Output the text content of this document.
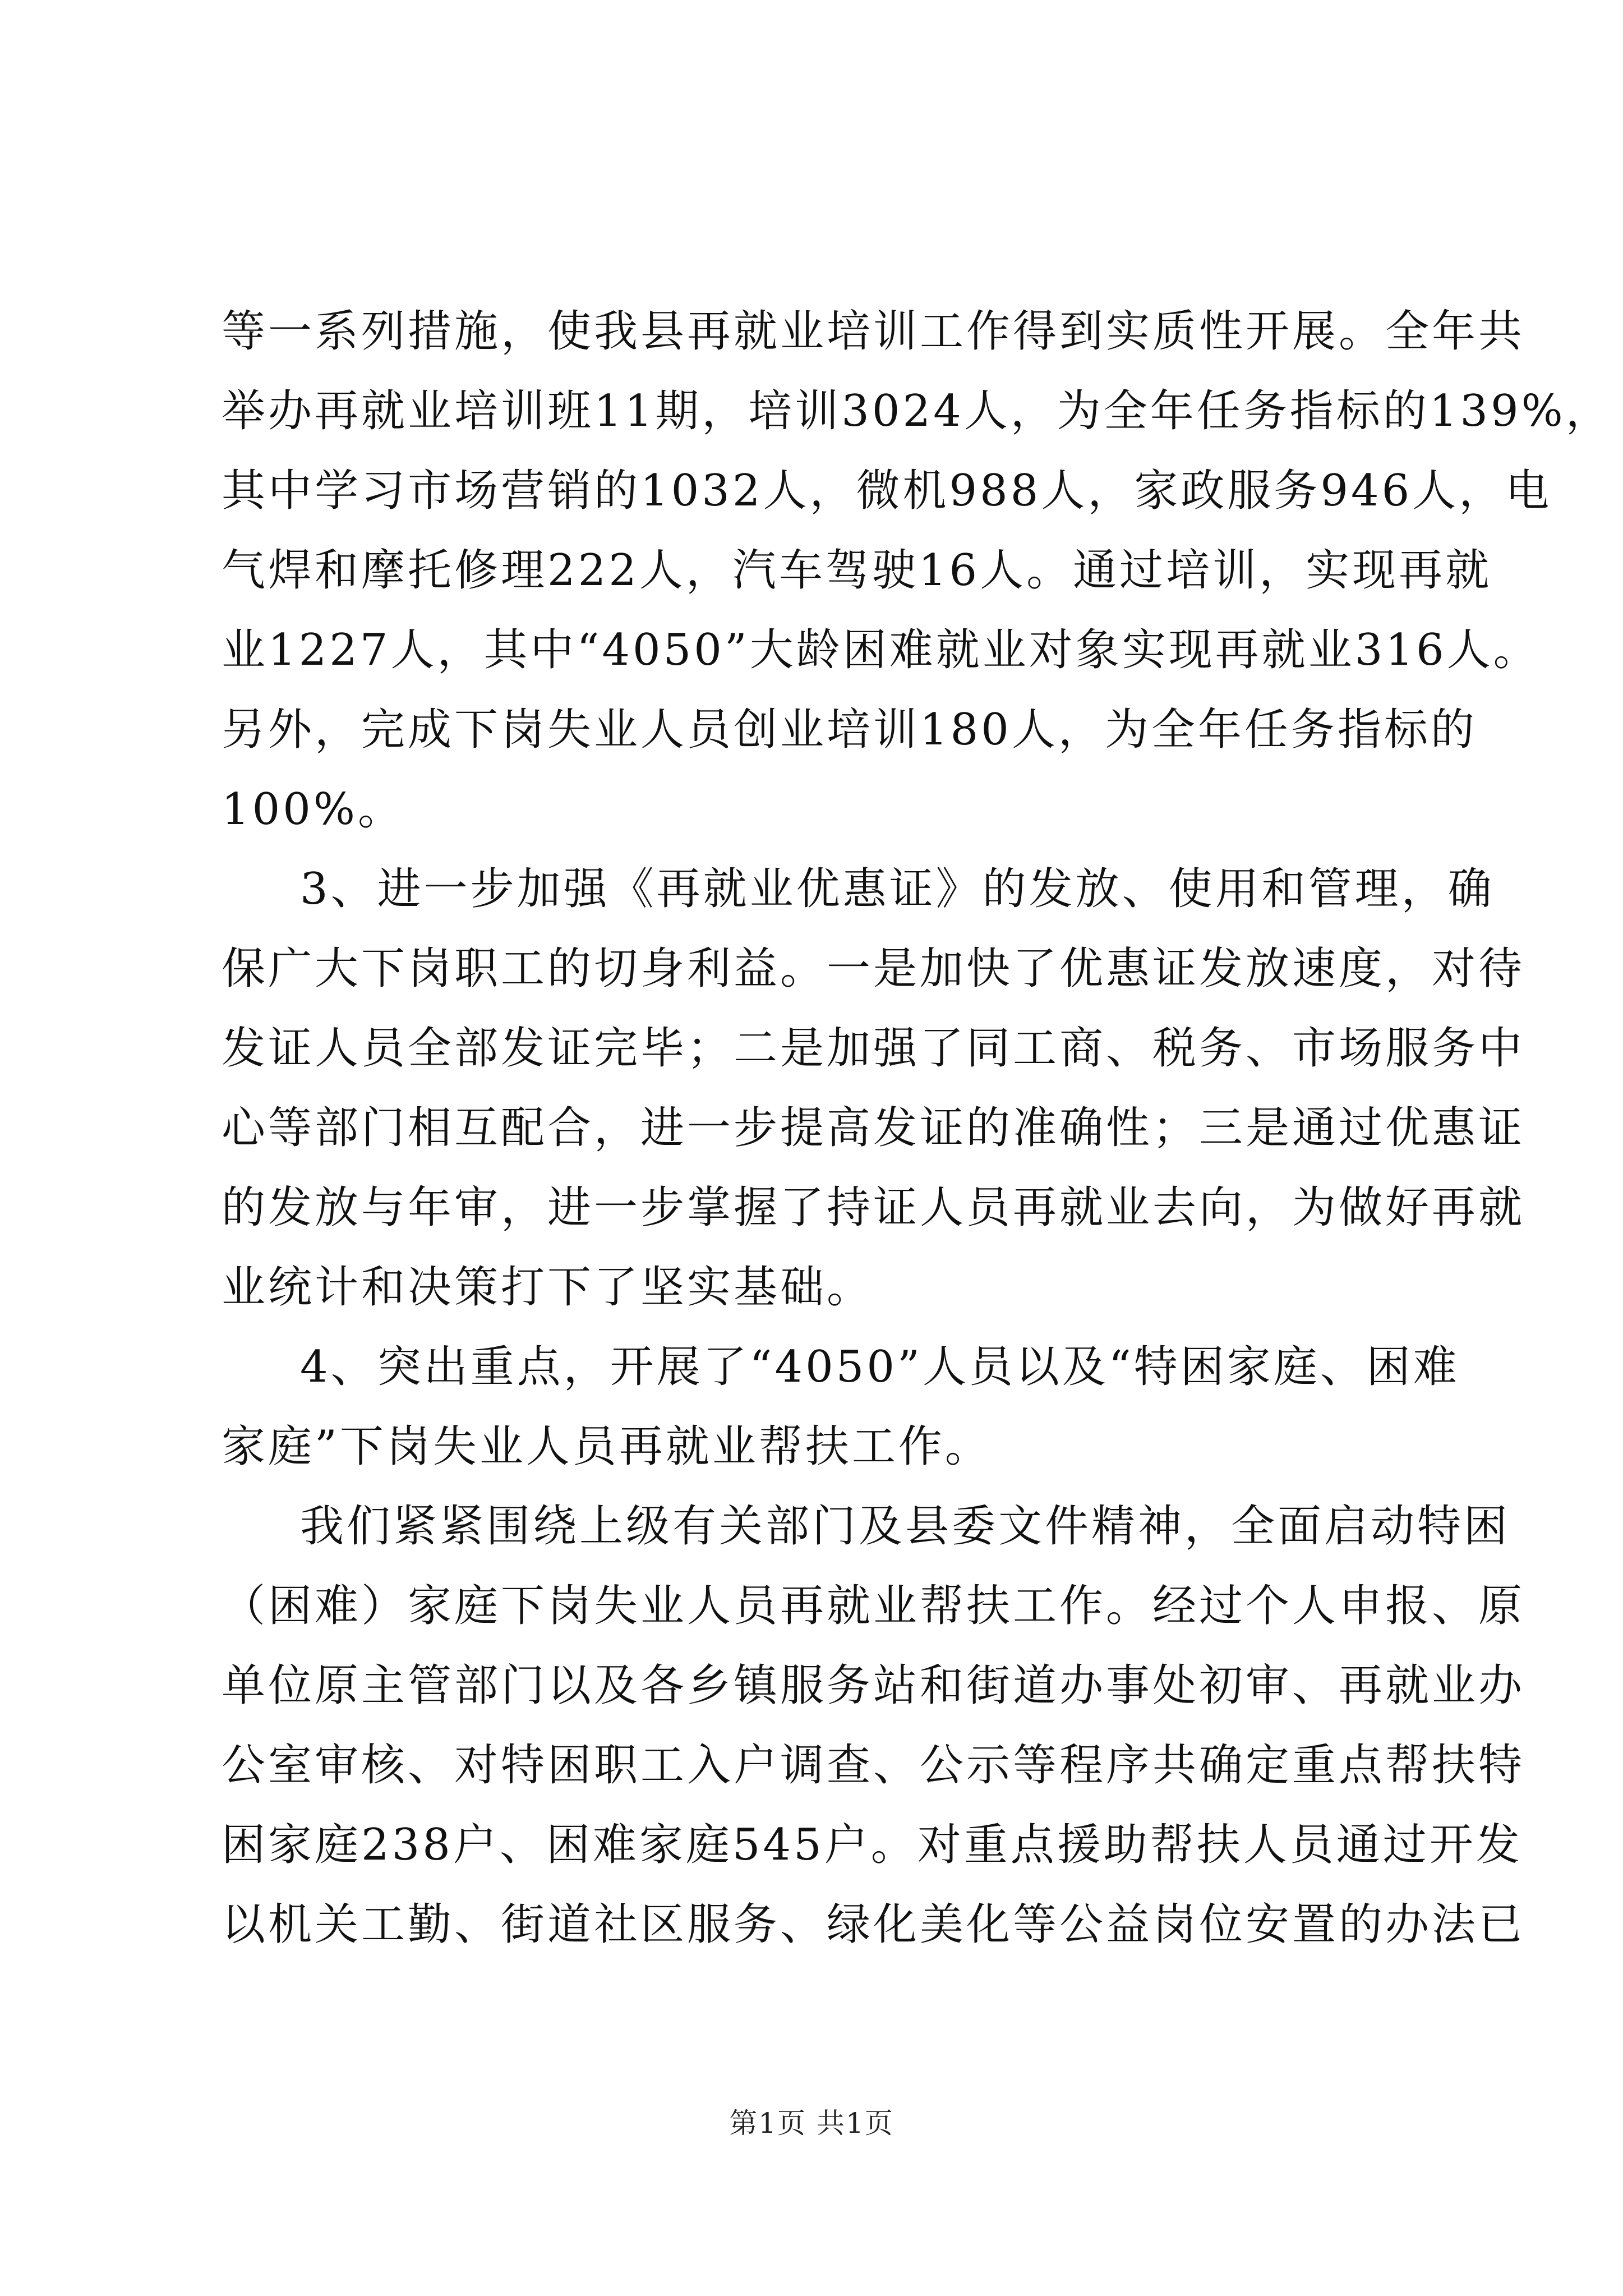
等一系列措施，使我县再就业培训工作得到实质性开展。全年共
举办再就业培训班11期，培训3024人，为全年任务指标的139%，
其中学习市场营销的1032人，微机988人，家政服务946人，电
气焊和摩托修理222人，汽车驾驶16人。通过培训，实现再就
业1227人，其中“4050”大龄困难就业对象实现再就业316人。
另外，完成下岗失业人员创业培训180人，为全年任务指标的
100%。
3、进一步加强《再就业优惠证》的发放、使用和管理，确
保广大下岗职工的切身利益。一是加快了优惠证发放速度，对待
发证人员全部发证完毕；二是加强了同工商、税务、市场服务中
心等部门相互配合，进一步提高发证的准确性；三是通过优惠证
的发放与年审，进一步掌握了持证人员再就业去向，为做好再就
业统计和决策打下了坚实基础。
4、突出重点，开展了“4050”人员以及“特困家庭、困难
家庭”下岗失业人员再就业帮扶工作。
我们紧紧围绕上级有关部门及县委文件精神，全面启动特困
（困难）家庭下岗失业人员再就业帮扶工作。经过个人申报、原
单位原主管部门以及各乡镇服务站和街道办事处初审、再就业办
公室审核、对特困职工入户调查、公示等程序共确定重点帮扶特
困家庭238户、困难家庭545户。对重点援助帮扶人员通过开发
以机关工勤、街道社区服务、绿化美化等公益岗位安置的办法已
第1页 共1页
